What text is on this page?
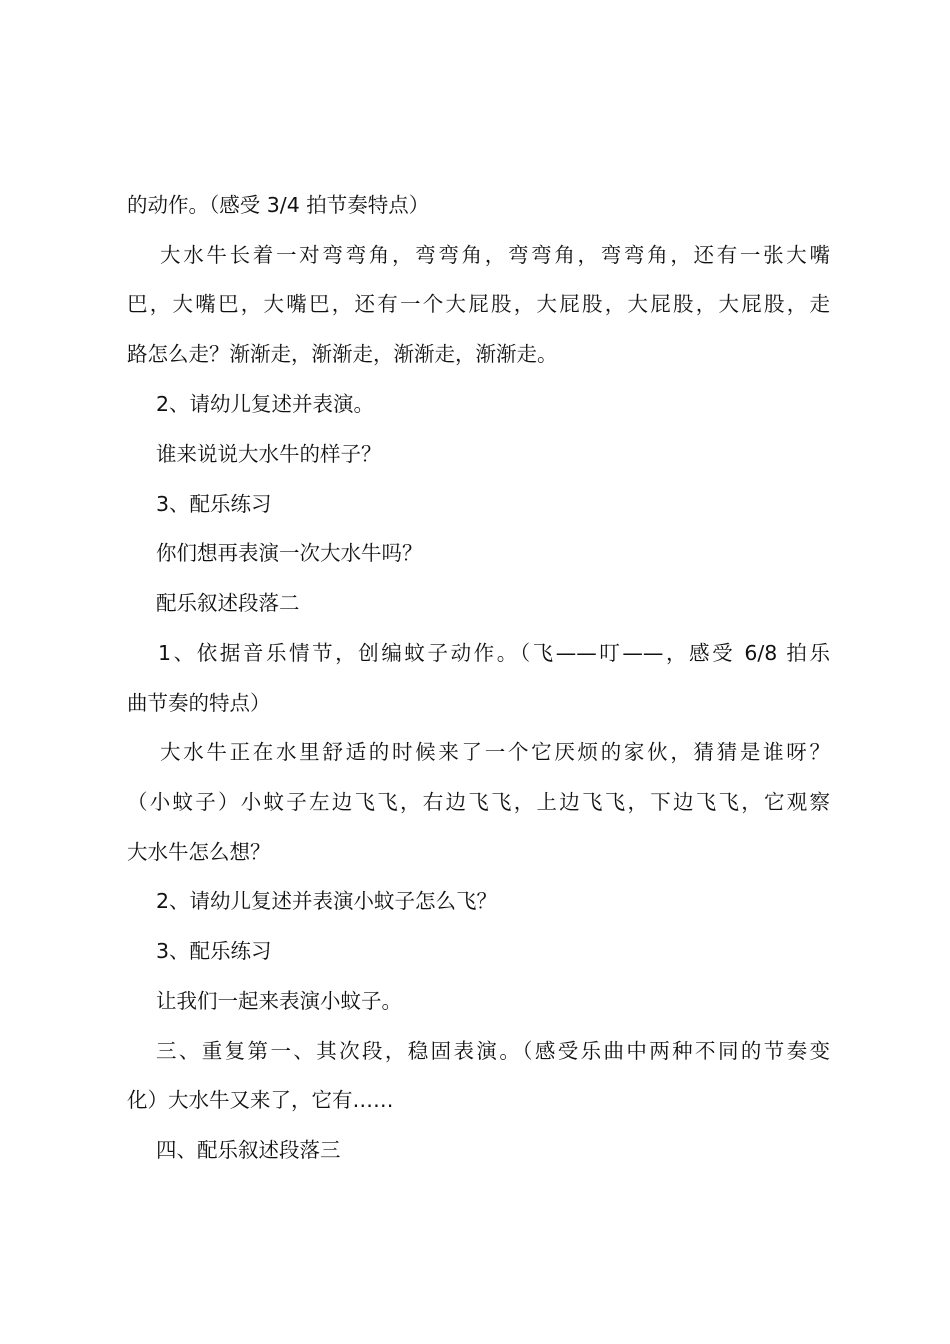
的动作。（感受 3/4 拍节奏特点）
大水牛长着一对弯弯角，弯弯角，弯弯角，弯弯角，还有一张大嘴
巴，大嘴巴，大嘴巴，还有一个大屁股，大屁股，大屁股，大屁股，走
路怎么走？渐渐走，渐渐走，渐渐走，渐渐走。
2、请幼儿复述并表演。
谁来说说大水牛的样子？
3、配乐练习
你们想再表演一次大水牛吗？
配乐叙述段落二
1、依据音乐情节，创编蚊子动作。（飞——叮——，感受 6/8 拍乐
曲节奏的特点）
大水牛正在水里舒适的时候来了一个它厌烦的家伙，猜猜是谁呀？
（小蚊子）小蚊子左边飞飞，右边飞飞，上边飞飞，下边飞飞，它观察
大水牛怎么想？
2、请幼儿复述并表演小蚊子怎么飞？
3、配乐练习
让我们一起来表演小蚊子。
三、重复第一、其次段，稳固表演。（感受乐曲中两种不同的节奏变
化）大水牛又来了，它有……
四、配乐叙述段落三
